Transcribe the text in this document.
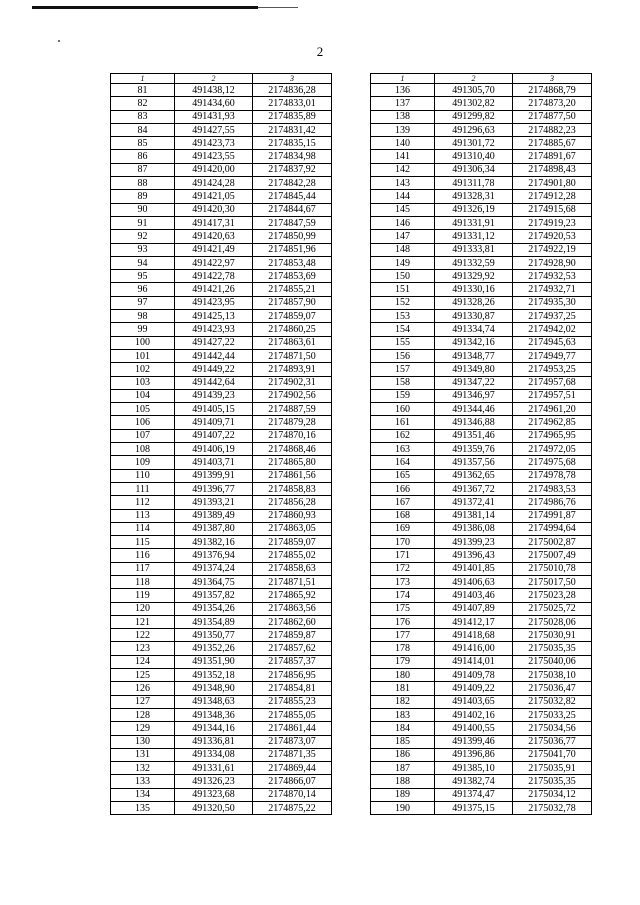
2
1	2	3
81	491438,12	2174836,28
82	491434,60	2174833,01
83	491431,93	2174835,89
84	491427,55	2174831,42
85	491423,73	2174835,15
86	491423,55	2174834,98
87	491420,00	2174837,92
88	491424,28	2174842,28
89	491421,05	2174845,44
90	491420,30	2174844,67
91	491417,31	2174847,59
92	491420,63	2174850,99
93	491421,49	2174851,96
94	491422,97	2174853,48
95	491422,78	2174853,69
96	491421,26	2174855,21
97	491423,95	2174857,90
98	491425,13	2174859,07
99	491423,93	2174860,25
100	491427,22	2174863,61
101	491442,44	2174871,50
102	491449,22	2174893,91
103	491442,64	2174902,31
104	491439,23	2174902,56
105	491405,15	2174887,59
106	491409,71	2174879,28
107	491407,22	2174870,16
108	491406,19	2174868,46
109	491403,71	2174865,80
110	491399,91	2174861,56
111	491396,77	2174858,83
112	491393,21	2174856,28
113	491389,49	2174860,93
114	491387,80	2174863,05
115	491382,16	2174859,07
116	491376,94	2174855,02
117	491374,24	2174858,63
118	491364,75	2174871,51
119	491357,82	2174865,92
120	491354,26	2174863,56
121	491354,89	2174862,60
122	491350,77	2174859,87
123	491352,26	2174857,62
124	491351,90	2174857,37
125	491352,18	2174856,95
126	491348,90	2174854,81
127	491348,63	2174855,23
128	491348,36	2174855,05
129	491344,16	2174861,44
130	491336,81	2174873,07
131	491334,08	2174871,35
132	491331,61	2174869,44
133	491326,23	2174866,07
134	491323,68	2174870,14
135	491320,50	2174875,22
1	2	3
136	491305,70	2174868,79
137	491302,82	2174873,20
138	491299,82	2174877,50
139	491296,63	2174882,23
140	491301,72	2174885,67
141	491310,40	2174891,67
142	491306,34	2174898,43
143	491311,78	2174901,80
144	491328,31	2174912,28
145	491326,19	2174915,68
146	491331,91	2174919,23
147	491331,12	2174920,53
148	491333,81	2174922,19
149	491332,59	2174928,90
150	491329,92	2174932,53
151	491330,16	2174932,71
152	491328,26	2174935,30
153	491330,87	2174937,25
154	491334,74	2174942,02
155	491342,16	2174945,63
156	491348,77	2174949,77
157	491349,80	2174953,25
158	491347,22	2174957,68
159	491346,97	2174957,51
160	491344,46	2174961,20
161	491346,88	2174962,85
162	491351,46	2174965,95
163	491359,76	2174972,05
164	491357,56	2174975,68
165	491362,65	2174978,78
166	491367,72	2174983,53
167	491372,41	2174986,76
168	491381,14	2174991,87
169	491386,08	2174994,64
170	491399,23	2175002,87
171	491396,43	2175007,49
172	491401,85	2175010,78
173	491406,63	2175017,50
174	491403,46	2175023,28
175	491407,89	2175025,72
176	491412,17	2175028,06
177	491418,68	2175030,91
178	491416,00	2175035,35
179	491414,01	2175040,06
180	491409,78	2175038,10
181	491409,22	2175036,47
182	491403,65	2175032,82
183	491402,16	2175033,25
184	491400,55	2175034,56
185	491399,46	2175036,77
186	491396,86	2175041,70
187	491385,10	2175035,91
188	491382,74	2175035,35
189	491374,47	2175034,12
190	491375,15	2175032,78
